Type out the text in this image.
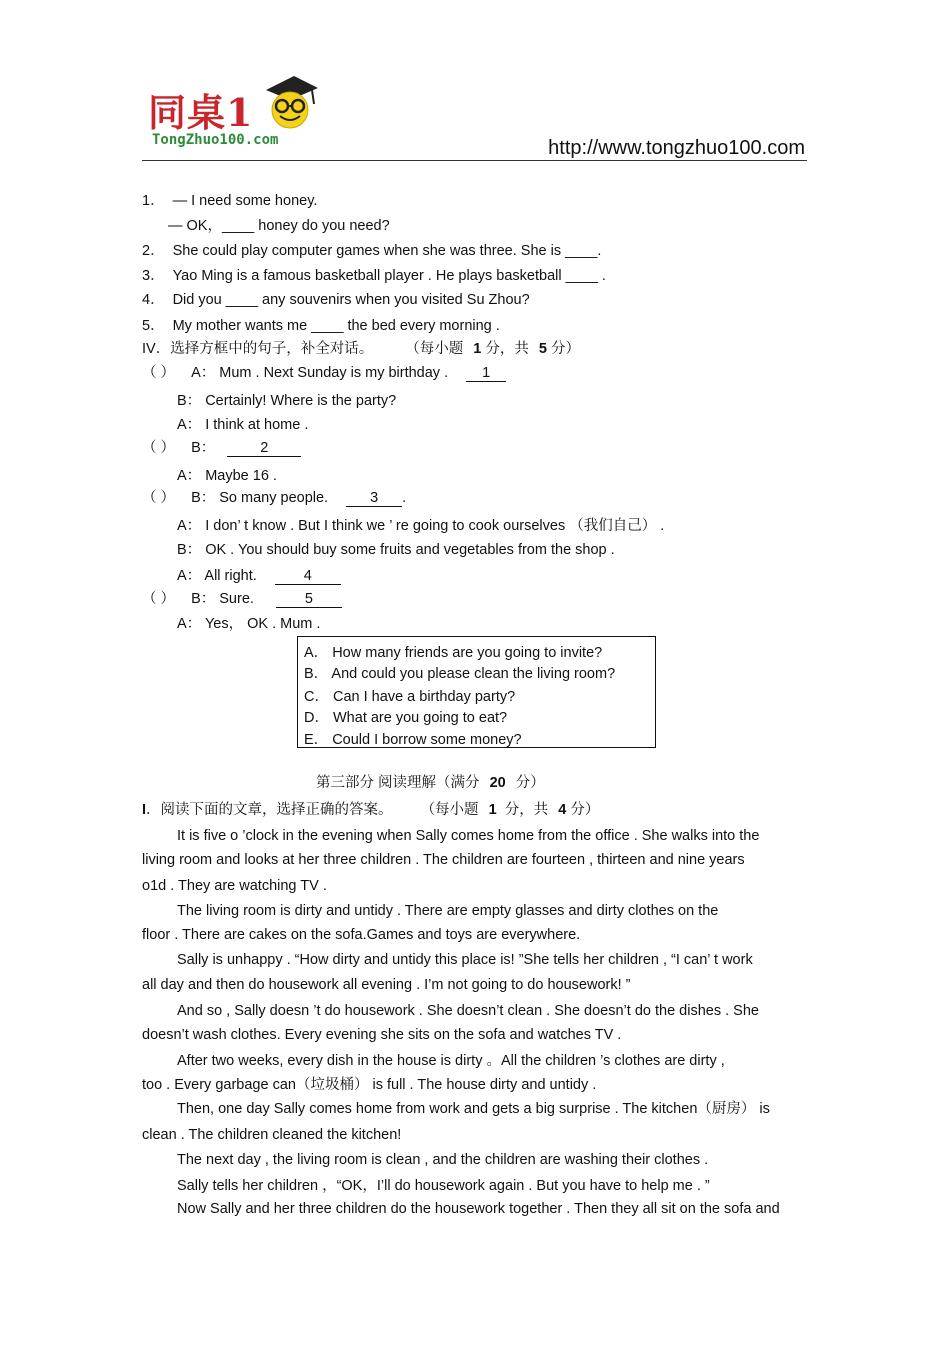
同桌1
TongZhuo100.com	http://www.tongzhuo100.com
1． — I need some honey.
— OK，____ honey do you need?
2． She could play computer games when she was three. She is ____.
3． Yao Ming is a famous basketball player . He plays basketball ____ .
4． Did you ____ any souvenirs when you visited Su Zhou?
5． My mother wants me ____ the bed every morning .
IV．选择方框中的句子，补全对话。 （每小题 1 分，共 5 分）
（ ） A： Mum . Next Sunday is my birthday . 1
B： Certainly! Where is the party?
A： I think at home .
（ ） B：	2
A： Maybe 16 .
（ ） B： So many people.	3 .
A： I don’ t know . But I think we ’ re going to cook ourselves （我们自己） .
B： OK . You should buy some fruits and vegetables from the shop .
A： All right.	4
（ ） B： Sure.	5
A： Yes， OK . Mum .
A． How many friends are you going to invite?
B． And could you please clean the living room?
C． Can I have a birthday party?
D． What are you going to eat?
E． Could I borrow some money?
第三部分 阅读理解（满分 20 分）
I．阅读下面的文章，选择正确的答案。 （每小题 1 分，共 4 分）
It is five o ’clock in the evening when Sally comes home from the office . She walks into the
living room and looks at her three children . The children are fourteen , thirteen and nine years
o1d . They are watching TV .
The living room is dirty and untidy . There are empty glasses and dirty clothes on the
floor . There are cakes on the sofa.Games and toys are everywhere.
Sally is unhappy . “How dirty and untidy this place is! ”She tells her children , “I can’ t work
all day and then do housework all evening . I’m not going to do housework! ”
And so , Sally doesn ’t do housework . She doesn’t clean . She doesn’t do the dishes . She
doesn’t wash clothes. Every evening she sits on the sofa and watches TV .
After two weeks, every dish in the house is dirty 。All the children ’s clothes are dirty ,
too . Every garbage can（垃圾桶） is full . The house dirty and untidy .
Then, one day Sally comes home from work and gets a big surprise . The kitchen（厨房） is
clean . The children cleaned the kitchen!
The next day , the living room is clean , and the children are washing their clothes .
Sally tells her children ，“OK，I’ll do housework again . But you have to help me . ”
Now Sally and her three children do the housework together . Then they all sit on the sofa and
